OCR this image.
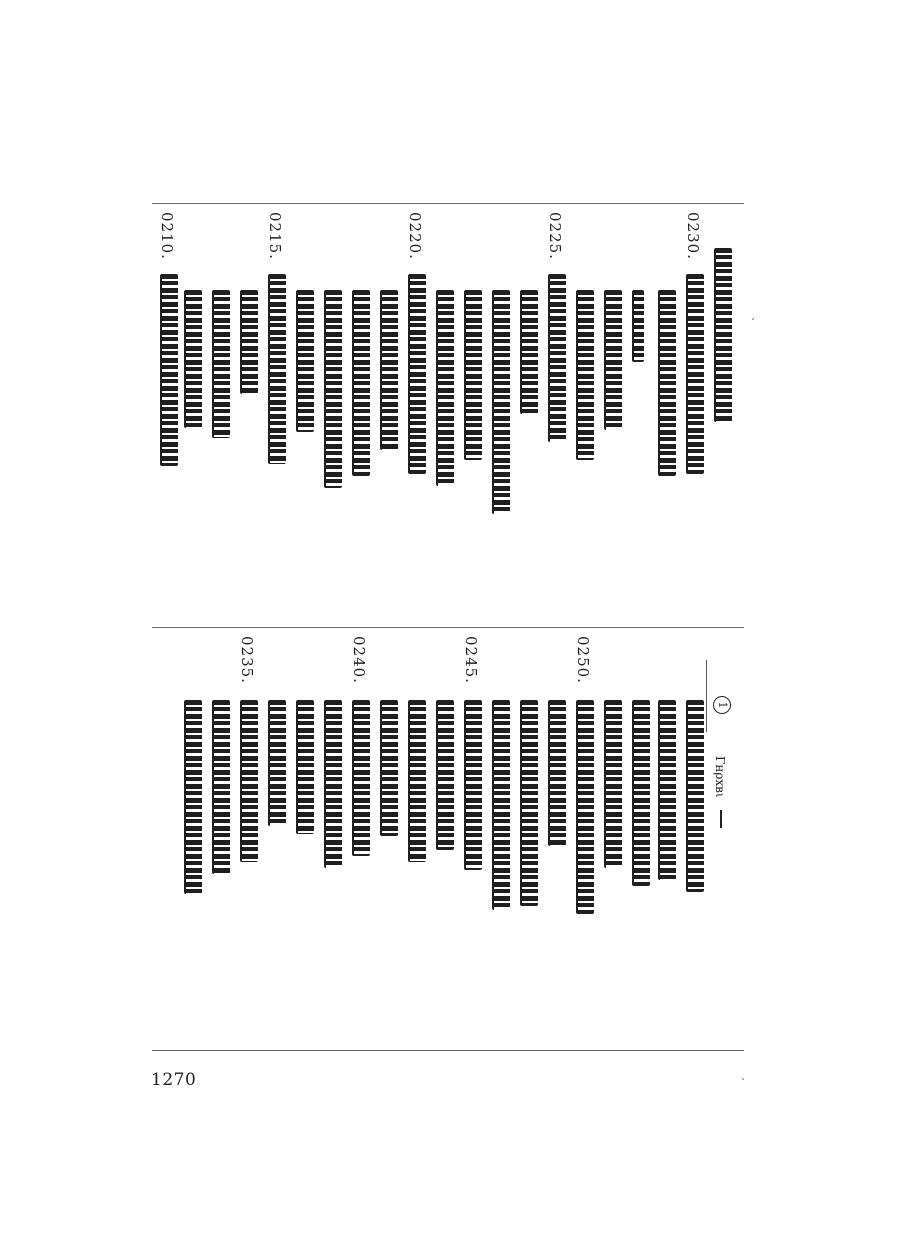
0230.
0225.
0220.
0215.
0210.
0250.
0245.
0240.
0235.
1
Γнρxвι
1270
